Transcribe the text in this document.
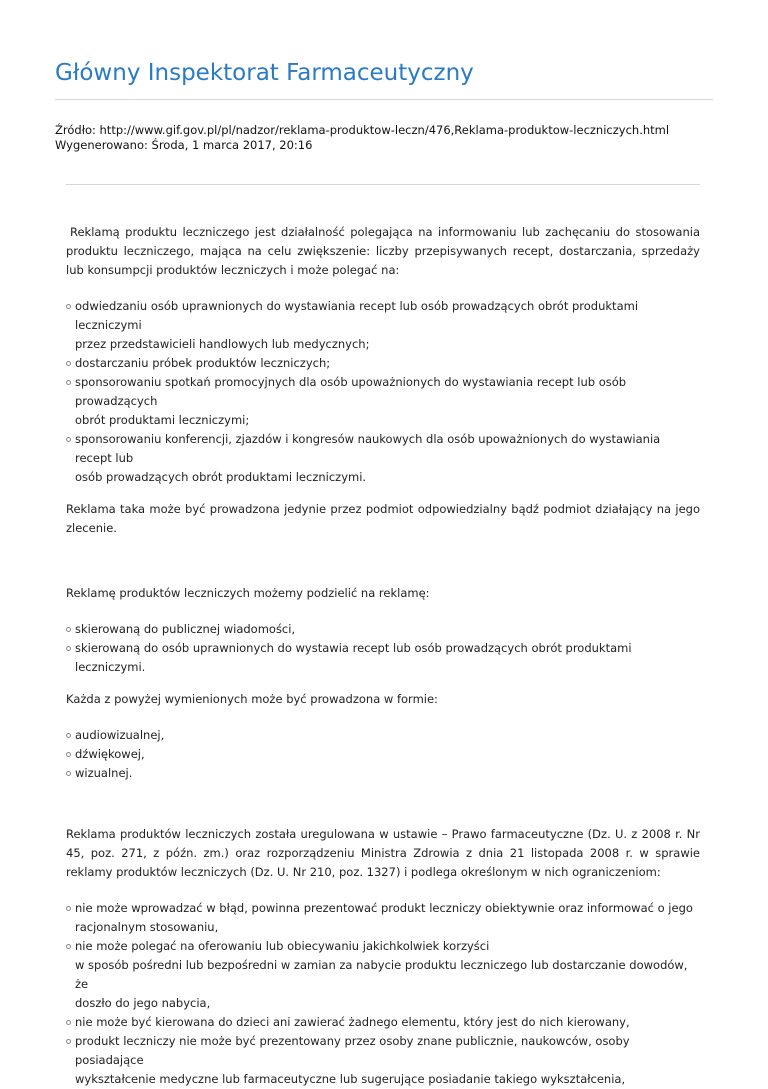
Główny Inspektorat Farmaceutyczny
Źródło: http://www.gif.gov.pl/pl/nadzor/reklama-produktow-leczn/476,Reklama-produktow-leczniczych.html
Wygenerowano: Środa, 1 marca 2017, 20:16

Reklamą produktu leczniczego jest działalność polegająca na informowaniu lub zachęcaniu do stosowania produktu leczniczego, mająca na celu zwiększenie: liczby przepisywanych recept, dostarczania, sprzedaży lub konsumpcji produktów leczniczych i może polegać na:

odwiedzaniu osób uprawnionych do wystawiania recept lub osób prowadzących obrót produktami leczniczymi
przez przedstawicieli handlowych lub medycznych;
dostarczaniu próbek produktów leczniczych;
sponsorowaniu spotkań promocyjnych dla osób upoważnionych do wystawiania recept lub osób prowadzących
obrót produktami leczniczymi;
sponsorowaniu konferencji, zjazdów i kongresów naukowych dla osób upoważnionych do wystawiania recept lub
osób prowadzących obrót produktami leczniczymi.

Reklama taka może być prowadzona jedynie przez podmiot odpowiedzialny bądź podmiot działający na jego zlecenie.

Reklamę produktów leczniczych możemy podzielić na reklamę:

skierowaną do publicznej wiadomości,
skierowaną do osób uprawnionych do wystawia recept lub osób prowadzących obrót produktami leczniczymi.

Każda z powyżej wymienionych może być prowadzona w formie:

audiowizualnej,
dźwiękowej,
wizualnej.

Reklama produktów leczniczych została uregulowana w ustawie – Prawo farmaceutyczne (Dz. U. z 2008 r. Nr 45, poz. 271, z późn. zm.) oraz rozporządzeniu Ministra Zdrowia z dnia 21 listopada 2008 r. w sprawie reklamy produktów leczniczych (Dz. U. Nr 210, poz. 1327) i podlega określonym w nich ograniczeniom:

nie może wprowadzać w błąd, powinna prezentować produkt leczniczy obiektywnie oraz informować o jego
racjonalnym stosowaniu,
nie może polegać na oferowaniu lub obiecywaniu jakichkolwiek korzyści
w sposób pośredni lub bezpośredni w zamian za nabycie produktu leczniczego lub dostarczanie dowodów, że
doszło do jego nabycia,
nie może być kierowana do dzieci ani zawierać żadnego elementu, który jest do nich kierowany,
produkt leczniczy nie może być prezentowany przez osoby znane publicznie, naukowców, osoby posiadające
wykształcenie medyczne lub farmaceutyczne lub sugerujące posiadanie takiego wykształcenia,
